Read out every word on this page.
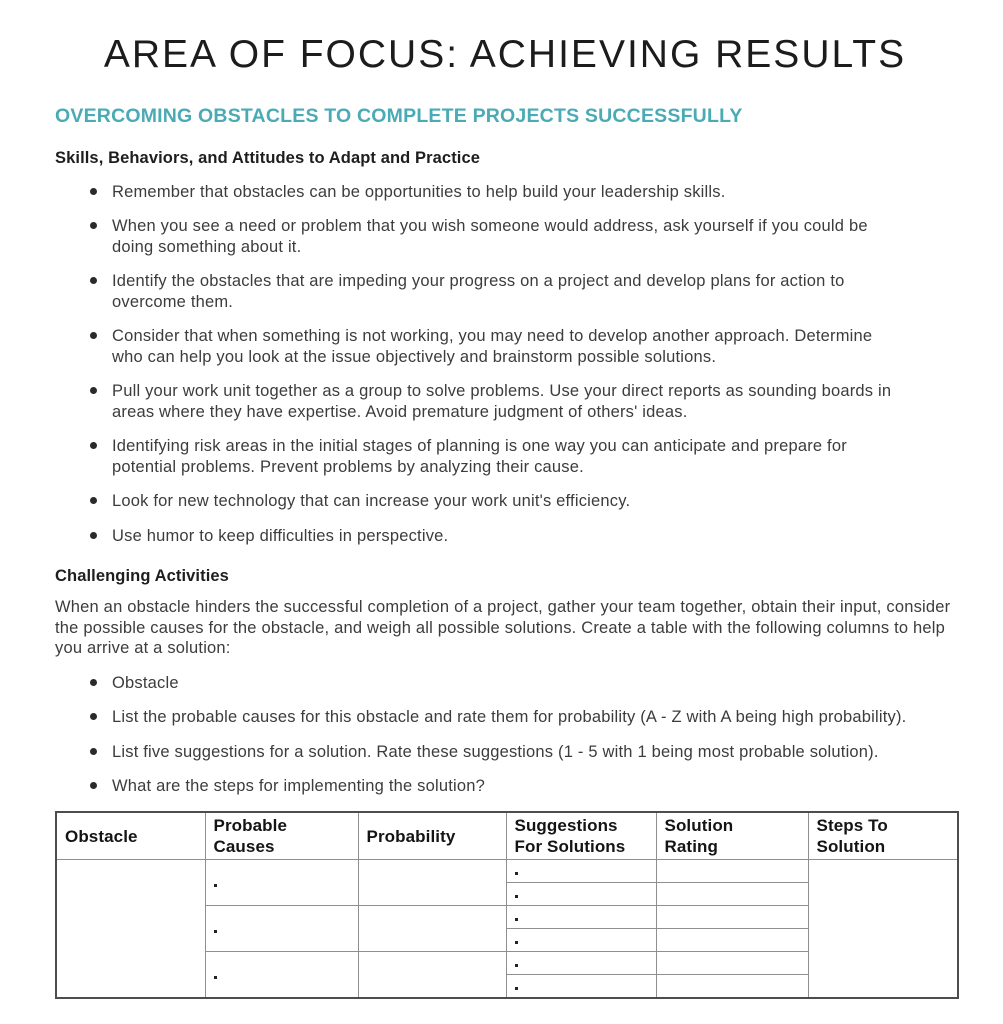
AREA OF FOCUS: ACHIEVING RESULTS
OVERCOMING OBSTACLES TO COMPLETE PROJECTS SUCCESSFULLY
Skills, Behaviors, and Attitudes to Adapt and Practice
Remember that obstacles can be opportunities to help build your leadership skills.
When you see a need or problem that you wish someone would address, ask yourself if you could be doing something about it.
Identify the obstacles that are impeding your progress on a project and develop plans for action to overcome them.
Consider that when something is not working, you may need to develop another approach. Determine who can help you look at the issue objectively and brainstorm possible solutions.
Pull your work unit together as a group to solve problems. Use your direct reports as sounding boards in areas where they have expertise. Avoid premature judgment of others' ideas.
Identifying risk areas in the initial stages of planning is one way you can anticipate and prepare for potential problems. Prevent problems by analyzing their cause.
Look for new technology that can increase your work unit's efficiency.
Use humor to keep difficulties in perspective.
Challenging Activities

When an obstacle hinders the successful completion of a project, gather your team together, obtain their input, consider the possible causes for the obstacle, and weigh all possible solutions. Create a table with the following columns to help you arrive at a solution:

Obstacle
List the probable causes for this obstacle and rate them for probability (A - Z with A being high probability).
List five suggestions for a solution. Rate these suggestions (1 - 5 with 1 being most probable solution).
What are the steps for implementing the solution?
Obstacle	Probable Causes	Probability	Suggestions For Solutions	Solution Rating	Steps To Solution
